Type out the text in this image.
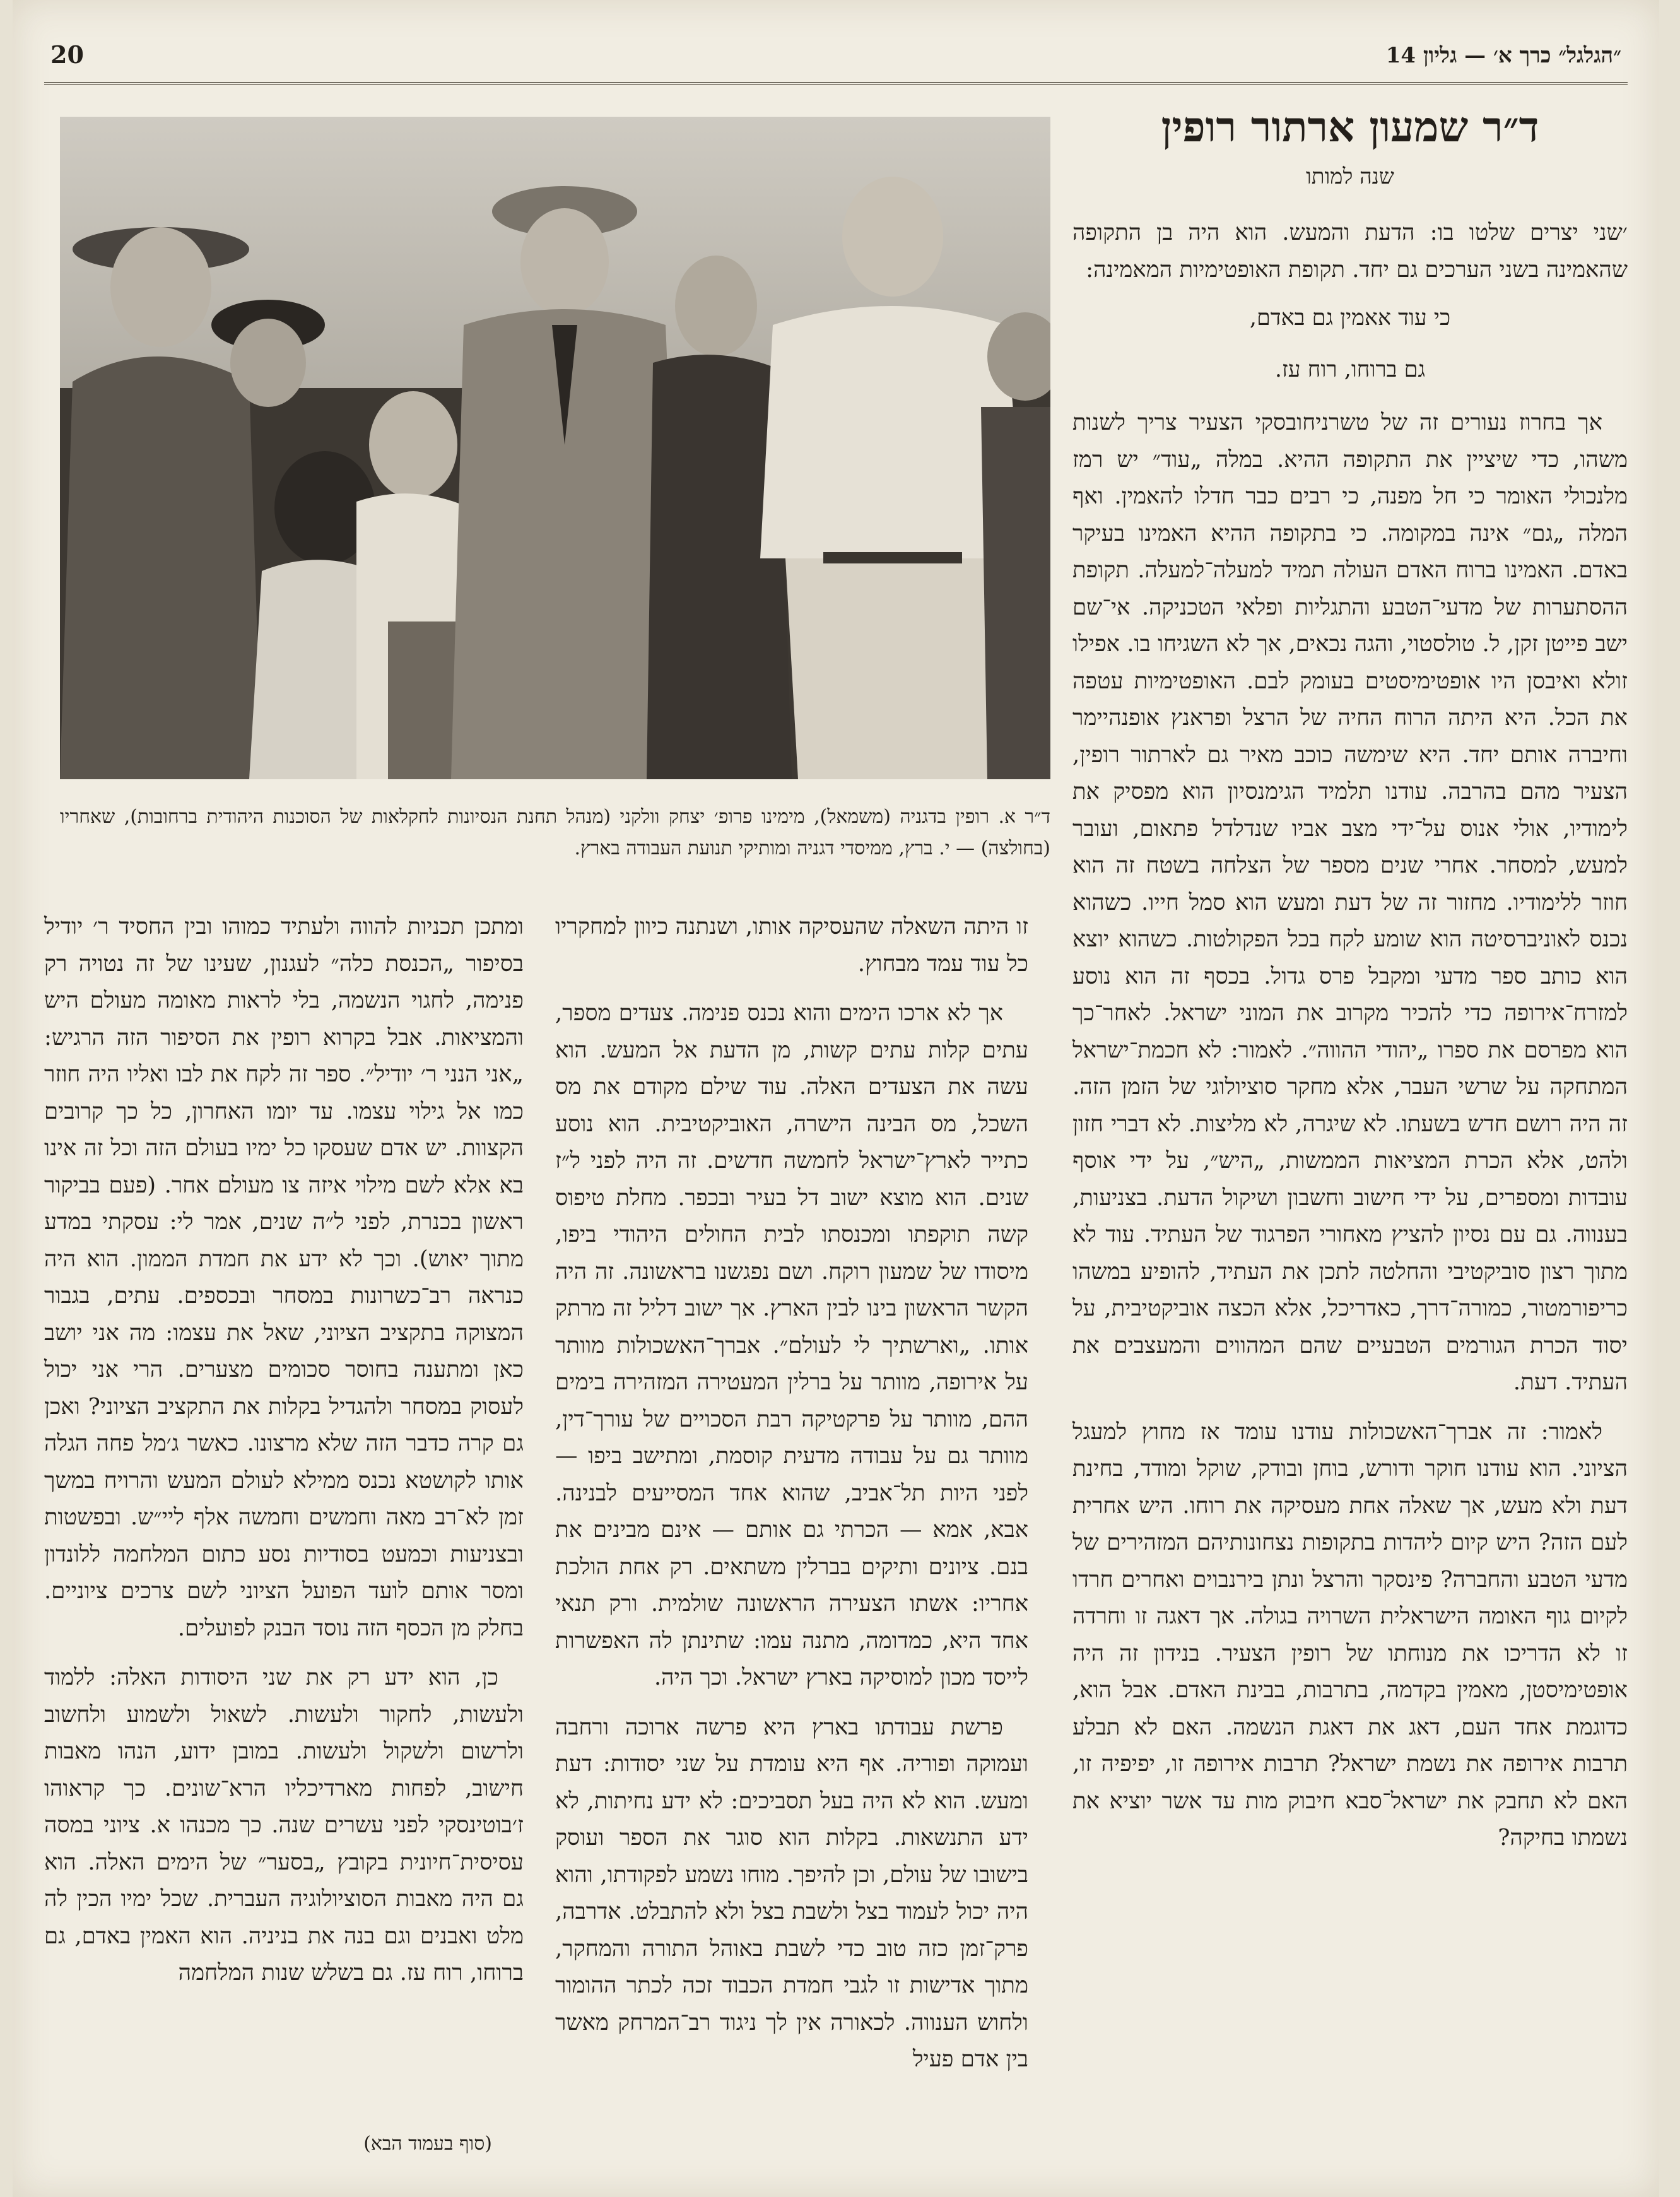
20	״הגלגל״ כרך א׳ — גליון 14
ד״ר שמעון ארתור רופין
שנה למותו
ד״ר א. רופין בדגניה (משמאל), מימינו פרופ׳ יצחק וולקני (מנהל תחנת הנסיונות לחקלאות של הסוכנות היהודית ברחובות), שאחריו (בחולצה) — י. ברץ, ממיסדי דגניה ומותיקי תנועת העבודה בארץ.

׳שני יצרים שלטו בו: הדעת והמעש. הוא היה בן התקופה שהאמינה בשני הערכים גם יחד. תקופת האופטימיות המאמינה:

כי עוד אאמין גם באדם,
גם ברוחו, רוח עז.

אך בחרוז נעורים זה של טשרניחובסקי הצעיר צריך לשנות משהו, כדי שיציין את התקופה ההיא. במלה „עוד״ יש רמז מלנכולי האומר כי חל מפנה, כי רבים כבר חדלו להאמין. ואף המלה „גם״ אינה במקומה. כי בתקופה ההיא האמינו בעיקר באדם. האמינו ברוח האדם העולה תמיד למעלה־למעלה. תקופת ההסתערות של מדעי־הטבע והתגליות ופלאי הטכניקה. אי־שם ישב פייטן זקן, ל. טולסטוי, והגה נכאים, אך לא השגיחו בו. אפילו זולא ואיבסן היו אופטימיסטים בעומק לבם. האופטימיות עטפה את הכל. היא היתה הרוח החיה של הרצל ופראנץ אופנהיימר וחיברה אותם יחד. היא שימשה כוכב מאיר גם לארתור רופין, הצעיר מהם בהרבה. עודנו תלמיד הגימנסיון הוא מפסיק את לימודיו, אולי אנוס על־ידי מצב אביו שנדלדל פתאום, ועובר למעש, למסחר. אחרי שנים מספר של הצלחה בשטח זה הוא חוזר ללימודיו. מחזור זה של דעת ומעש הוא סמל חייו. כשהוא נכנס לאוניברסיטה הוא שומע לקח בכל הפקולטות. כשהוא יוצא הוא כותב ספר מדעי ומקבל פרס גדול. בכסף זה הוא נוסע למזרח־אירופה כדי להכיר מקרוב את המוני ישראל. לאחר־כך הוא מפרסם את ספרו „יהודי ההווה״. לאמור: לא חכמת־ישראל המתחקה על שרשי העבר, אלא מחקר סוציולוגי של הזמן הזה. זה היה רושם חדש בשעתו. לא שיגרה, לא מליצות. לא דברי חזון ולהט, אלא הכרת המציאות הממשות, „היש״, על ידי אוסף עובדות ומספרים, על ידי חישוב וחשבון ושיקול הדעת. בצניעות, בענווה. גם עם נסיון להציץ מאחורי הפרגוד של העתיד. עוד לא מתוך רצון סוביקטיבי והחלטה לתכן את העתיד, להופיע במשהו כריפורמטור, כמורה־דרך, כאדריכל, אלא הכצה אוביקטיבית, על יסוד הכרת הגורמים הטבעיים שהם המהווים והמעצבים את העתיד. דעת.

לאמור: זה אברך־האשכולות עודנו עומד אז מחוץ למעגל הציוני. הוא עודנו חוקר ודורש, בוחן ובודק, שוקל ומודד, בחינת דעת ולא מעש, אך שאלה אחת מעסיקה את רוחו. היש אחרית לעם הזה? היש קיום ליהדות בתקופות נצחונותיהם המזהירים של מדעי הטבע והחברה? פינסקר והרצל ונתן בירנבוים ואחרים חרדו לקיום גוף האומה הישראלית השרויה בגולה. אך דאגה זו וחרדה זו לא הדריכו את מנוחתו של רופין הצעיר. בנידון זה היה אופטימיסטן, מאמין בקדמה, בתרבות, בבינת האדם. אבל הוא, כדוגמת אחד העם, דאג את דאגת הנשמה. האם לא תבלע תרבות אירופה את נשמת ישראל? תרבות אירופה זו, יפיפיה זו, האם לא תחבק את ישראל־סבא חיבוק מות עד אשר יוציא את נשמתו בחיקה?

זו היתה השאלה שהעסיקה אותו, ושנתנה כיוון למחקריו כל עוד עמד מבחוץ.

אך לא ארכו הימים והוא נכנס פנימה. צעדים מספר, עתים קלות עתים קשות, מן הדעת אל המעש. הוא עשה את הצעדים האלה. עוד שילם מקודם את מס השכל, מס הבינה הישרה, האוביקטיבית. הוא נוסע כתייר לארץ־ישראל לחמשה חדשים. זה היה לפני ל״ז שנים. הוא מוצא ישוב דל בעיר ובכפר. מחלת טיפוס קשה תוקפתו ומכנסתו לבית החולים היהודי ביפו, מיסודו של שמעון רוקח. ושם נפגשנו בראשונה. זה היה הקשר הראשון בינו לבין הארץ. אך ישוב דליל זה מרתק אותו. „וארשתיך לי לעולם״. אברך־האשכולות מוותר על אירופה, מוותר על ברלין המעטירה המזהירה בימים ההם, מוותר על פרקטיקה רבת הסכויים של עורך־דין, מוותר גם על עבודה מדעית קוסמת, ומתישב ביפו — לפני היות תל־אביב, שהוא אחד המסייעים לבנינה. אבא, אמא — הכרתי גם אותם — אינם מבינים את בנם. ציונים ותיקים בברלין משתאים. רק אחת הולכת אחריו: אשתו הצעירה הראשונה שולמית. ורק תנאי אחד היא, כמדומה, מתנה עמו: שתינתן לה האפשרות לייסד מכון למוסיקה בארץ ישראל. וכך היה.

פרשת עבודתו בארץ היא פרשה ארוכה ורחבה ועמוקה ופוריה. אף היא עומדת על שני יסודות: דעת ומעש. הוא לא היה בעל תסביכים: לא ידע נחיתות, לא ידע התנשאות. בקלות הוא סוגר את הספר ועוסק בישובו של עולם, וכן להיפך. מוחו נשמע לפקודתו, והוא היה יכול לעמוד בצל ולשבת בצל ולא להתבלט. אדרבה, פרק־זמן כזה טוב כדי לשבת באוהל התורה והמחקר, מתוך אדישות זו לגבי חמדת הכבוד זכה לכתר ההומור ולחוש הענווה. לכאורה אין לך ניגוד רב־המרחק מאשר בין אדם פעיל

ומתכן תכניות להווה ולעתיד כמוהו ובין החסיד ר׳ יודיל בסיפור „הכנסת כלה״ לעגנון, שעינו של זה נטויה רק פנימה, לחגוי הנשמה, בלי לראות מאומה מעולם היש והמציאות. אבל בקרוא רופין את הסיפור הזה הרגיש: „אני הנני ר׳ יודיל״. ספר זה לקח את לבו ואליו היה חוזר כמו אל גילוי עצמו. עד יומו האחרון, כל כך קרובים הקצוות. יש אדם שעסקו כל ימיו בעולם הזה וכל זה אינו בא אלא לשם מילוי איזה צו מעולם אחר. (פעם בביקור ראשון בכנרת, לפני ל״ה שנים, אמר לי: עסקתי במדע מתוך יאוש). וכך לא ידע את חמדת הממון. הוא היה כנראה רב־כשרונות במסחר ובכספים. עתים, בגבור המצוקה בתקציב הציוני, שאל את עצמו: מה אני יושב כאן ומתענה בחוסר סכומים מצערים. הרי אני יכול לעסוק במסחר ולהגדיל בקלות את התקציב הציוני? ואכן גם קרה כדבר הזה שלא מרצונו. כאשר ג׳מל פחה הגלה אותו לקושטא נכנס ממילא לעולם המעש והרויח במשך זמן לא־רב מאה וחמשים וחמשה אלף ליי״ש. ובפשטות ובצניעות וכמעט בסודיות נסע כתום המלחמה ללונדון ומסר אותם לועד הפועל הציוני לשם צרכים ציוניים. בחלק מן הכסף הזה נוסד הבנק לפועלים.

כן, הוא ידע רק את שני היסודות האלה: ללמוד ולעשות, לחקור ולעשות. לשאול ולשמוע ולחשוב ולרשום ולשקול ולעשות. במובן ידוע, הנהו מאבות חישוב, לפחות מארדיכליו הרא־שונים. כך קראוהו ז׳בוטינסקי לפני עשרים שנה. כך מכנהו א. ציוני במסה עסיסית־חיונית בקובץ „בסער״ של הימים האלה. הוא גם היה מאבות הסוציולוגיה העברית. שכל ימיו הכין לה מלט ואבנים וגם בנה את בניניה. הוא האמין באדם, גם ברוחו, רוח עז. גם בשלש שנות המלחמה

(סוף בעמוד הבא)
